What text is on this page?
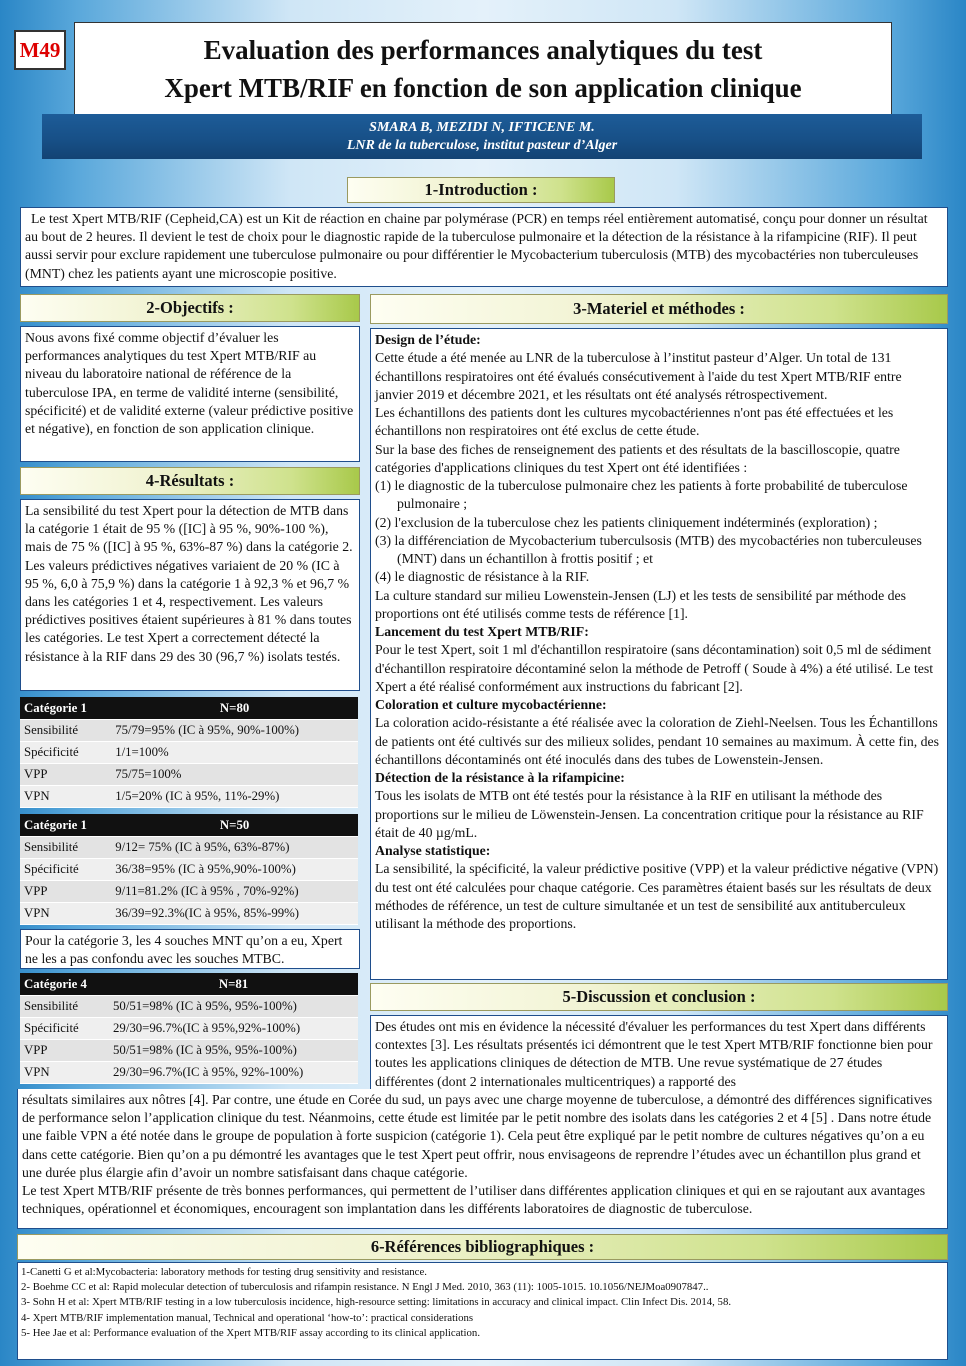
Evaluation des performances analytiques du test
Xpert MTB/RIF en fonction de son application clinique
M49
SMARA B, MEZIDI N, IFTICENE M.
LNR de la tuberculose, institut pasteur d’Alger
1-Introduction :
Le test Xpert MTB/RIF (Cepheid,CA) est un Kit de réaction en chaine par polymérase (PCR) en temps réel entièrement automatisé, conçu pour donner un résultat au bout de 2 heures. Il devient le test de choix pour le diagnostic rapide de la tuberculose pulmonaire et la détection de la résistance à la rifampicine (RIF). Il peut aussi servir pour exclure rapidement une tuberculose pulmonaire ou pour différentier le Mycobacterium tuberculosis (MTB) des mycobactéries non tuberculeuses (MNT) chez les patients ayant une microscopie positive.
2-Objectifs :
Nous avons fixé comme objectif d’évaluer les performances analytiques du test Xpert MTB/RIF au niveau du laboratoire national de référence de la tuberculose IPA, en terme de validité interne (sensibilité, spécificité) et de validité externe (valeur prédictive positive et négative), en fonction de son application clinique.
4-Résultats :
La sensibilité du test Xpert pour la détection de MTB dans la catégorie 1 était de 95 % ([IC] à 95 %, 90%-100 %), mais de 75 % ([IC] à 95 %, 63%-87 %) dans la catégorie 2. Les valeurs prédictives négatives variaient de 20 % (IC à 95 %, 6,0 à 75,9 %) dans la catégorie 1 à 92,3 % et 96,7 % dans les catégories 1 et 4, respectivement. Les valeurs prédictives positives étaient supérieures à 81 % dans toutes les catégories. Le test Xpert a correctement détecté la résistance à la RIF dans 29 des 30 (96,7 %) isolats testés.
Catégorie 1	N=80
Sensibilité	75/79=95% (IC à 95%, 90%-100%)
Spécificité	1/1=100%
VPP	75/75=100%
VPN	1/5=20% (IC à 95%, 11%-29%)
Catégorie 1	N=50
Sensibilité	9/12= 75% (IC à 95%, 63%-87%)
Spécificité	36/38=95% (IC à 95%,90%-100%)
VPP	9/11=81.2% (IC à 95% , 70%-92%)
VPN	36/39=92.3%(IC à 95%, 85%-99%)
Pour la catégorie 3, les 4 souches MNT qu’on a eu, Xpert ne les a pas confondu avec les souches MTBC.
Catégorie 4	N=81
Sensibilité	50/51=98% (IC à 95%, 95%-100%)
Spécificité	29/30=96.7%(IC à 95%,92%-100%)
VPP	50/51=98% (IC à 95%, 95%-100%)
VPN	29/30=96.7%(IC à 95%, 92%-100%)
3-Materiel et méthodes :

Design de l’étude:

Cette étude a été menée au LNR de la tuberculose à l’institut pasteur d’Alger. Un total de 131 échantillons respiratoires ont été évalués consécutivement à l'aide du test Xpert MTB/RIF entre janvier 2019 et décembre 2021, et les résultats ont été analysés rétrospectivement.

Les échantillons des patients dont les cultures mycobactériennes n'ont pas été effectuées et les échantillons non respiratoires ont été exclus de cette étude.

Sur la base des fiches de renseignement des patients et des résultats de la bascilloscopie, quatre catégories d'applications cliniques du test Xpert ont été identifiées :

(1) le diagnostic de la tuberculose pulmonaire chez les patients à forte probabilité de tuberculose pulmonaire ;

(2) l'exclusion de la tuberculose chez les patients cliniquement indéterminés (exploration) ;

(3) la différenciation de Mycobacterium tuberculsosis (MTB) des mycobactéries non tuberculeuses (MNT) dans un échantillon à frottis positif ; et

(4) le diagnostic de résistance à la RIF.

La culture standard sur milieu Lowenstein-Jensen (LJ) et les tests de sensibilité par méthode des proportions ont été utilisés comme tests de référence [1].

Lancement du test Xpert MTB/RIF:

Pour le test Xpert, soit 1 ml d'échantillon respiratoire (sans décontamination) soit 0,5 ml de sédiment d'échantillon respiratoire décontaminé selon la méthode de Petroff ( Soude à 4%) a été utilisé. Le test Xpert a été réalisé conformément aux instructions du fabricant [2].

Coloration et culture mycobactérienne:

La coloration acido-résistante a été réalisée avec la coloration de Ziehl-Neelsen. Tous les Échantillons de patients ont été cultivés sur des milieux solides, pendant 10 semaines au maximum. À cette fin, des échantillons décontaminés ont été inoculés dans des tubes de Lowenstein-Jensen.

Détection de la résistance à la rifampicine:

Tous les isolats de MTB ont été testés pour la résistance à la RIF en utilisant la méthode des proportions sur le milieu de Löwenstein-Jensen. La concentration critique pour la résistance au RIF était de 40 µg/mL.

Analyse statistique:

La sensibilité, la spécificité, la valeur prédictive positive (VPP) et la valeur prédictive négative (VPN) du test ont été calculées pour chaque catégorie. Ces paramètres étaient basés sur les résultats de deux méthodes de référence, un test de culture simultanée et un test de sensibilité aux antituberculeux utilisant la méthode des proportions.

5-Discussion et conclusion :
Des études ont mis en évidence la nécessité d'évaluer les performances du test Xpert dans différents contextes [3]. Les résultats présentés ici démontrent que le test Xpert MTB/RIF fonctionne bien pour toutes les applications cliniques de détection de MTB. Une revue systématique de 27 études différentes (dont 2 internationales multicentriques) a rapporté des

résultats similaires aux nôtres [4]. Par contre, une étude en Corée du sud, un pays avec une charge moyenne de tuberculose, a démontré des différences significatives de performance selon l’application clinique du test. Néanmoins, cette étude est limitée par le petit nombre des isolats dans les catégories 2 et 4 [5] . Dans notre étude une faible VPN a été notée dans le groupe de population à forte suspicion (catégorie 1). Cela peut être expliqué par le petit nombre de cultures négatives qu’on a eu dans cette catégorie. Bien qu’on a pu démontré les avantages que le test Xpert peut offrir, nous envisageons de reprendre l’études avec un échantillon plus grand et une durée plus élargie afin d’avoir un nombre satisfaisant dans chaque catégorie.

Le test Xpert MTB/RIF présente de très bonnes performances, qui permettent de l’utiliser dans différentes application cliniques et qui en se rajoutant aux avantages techniques, opérationnel et économiques, encouragent son implantation dans les différents laboratoires de diagnostic de tuberculose.

6-Références bibliographiques :
1-Canetti G et al:Mycobacteria: laboratory methods for testing drug sensitivity and resistance.
2- Boehme CC et al: Rapid molecular detection of tuberculosis and rifampin resistance. N Engl J Med. 2010, 363 (11): 1005-1015. 10.1056/NEJMoa0907847..
3- Sohn H et al: Xpert MTB/RIF testing in a low tuberculosis incidence, high-resource setting: limitations in accuracy and clinical impact. Clin Infect Dis. 2014, 58.
4- Xpert MTB/RIF implementation manual, Technical and operational ‘how-to’: practical considerations
5- Hee Jae et al: Performance evaluation of the Xpert MTB/RIF assay according to its clinical application.
